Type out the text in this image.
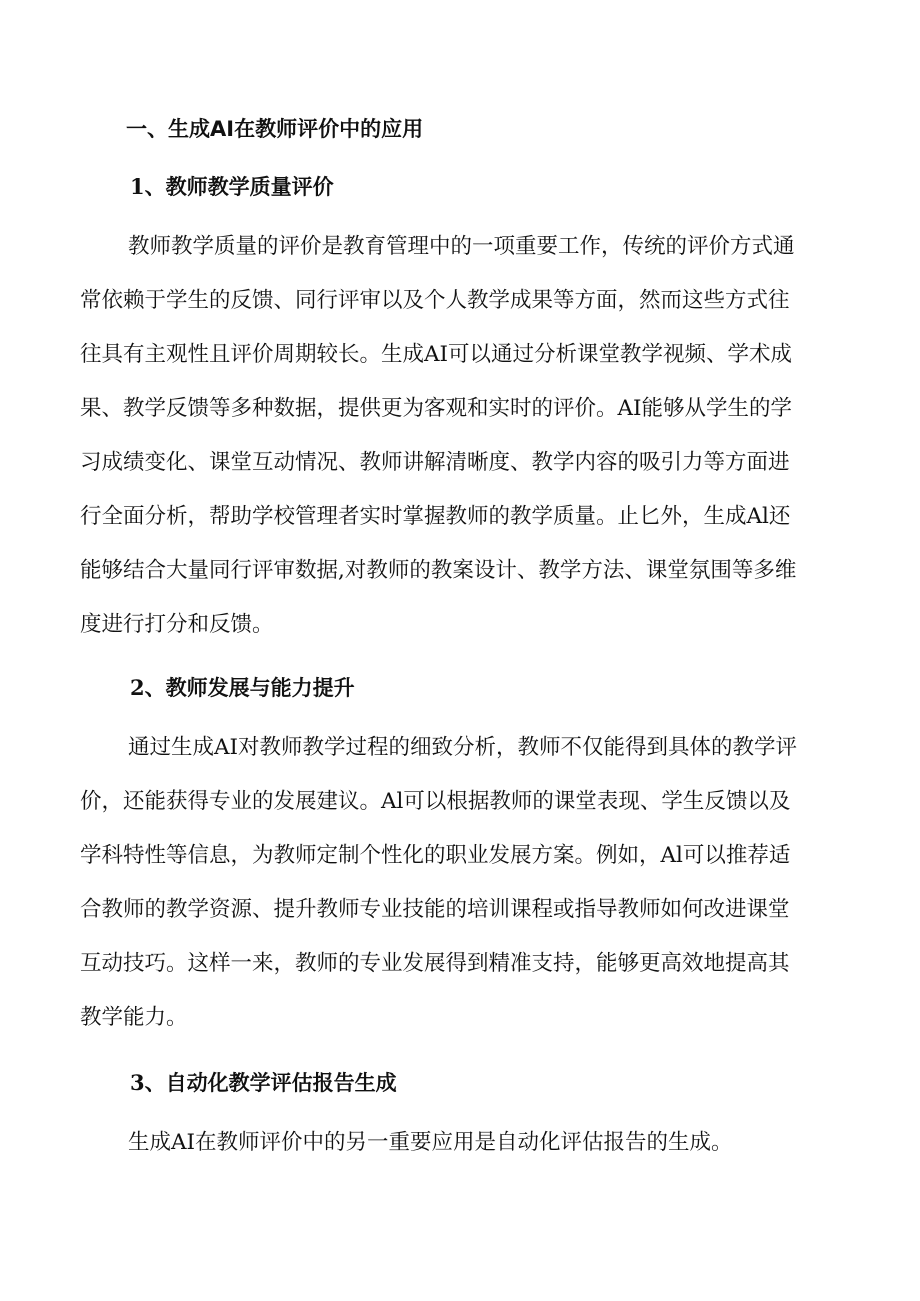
一、生成AI在教师评价中的应用
1、教师教学质量评价
教师教学质量的评价是教育管理中的一项重要工作，传统的评价方式通
常依赖于学生的反馈、同行评审以及个人教学成果等方面，然而这些方式往
往具有主观性且评价周期较长。生成AI可以通过分析课堂教学视频、学术成
果、教学反馈等多种数据，提供更为客观和实时的评价。AI能够从学生的学
习成绩变化、课堂互动情况、教师讲解清晰度、教学内容的吸引力等方面进
行全面分析，帮助学校管理者实时掌握教师的教学质量。止匕外，生成Al还
能够结合大量同行评审数据,对教师的教案设计、教学方法、课堂氛围等多维
度进行打分和反馈。
2、教师发展与能力提升
通过生成AI对教师教学过程的细致分析，教师不仅能得到具体的教学评
价，还能获得专业的发展建议。Al可以根据教师的课堂表现、学生反馈以及
学科特性等信息，为教师定制个性化的职业发展方案。例如，Al可以推荐适
合教师的教学资源、提升教师专业技能的培训课程或指导教师如何改进课堂
互动技巧。这样一来，教师的专业发展得到精准支持，能够更高效地提高其
教学能力。
3、自动化教学评估报告生成
生成AI在教师评价中的另一重要应用是自动化评估报告的生成。
